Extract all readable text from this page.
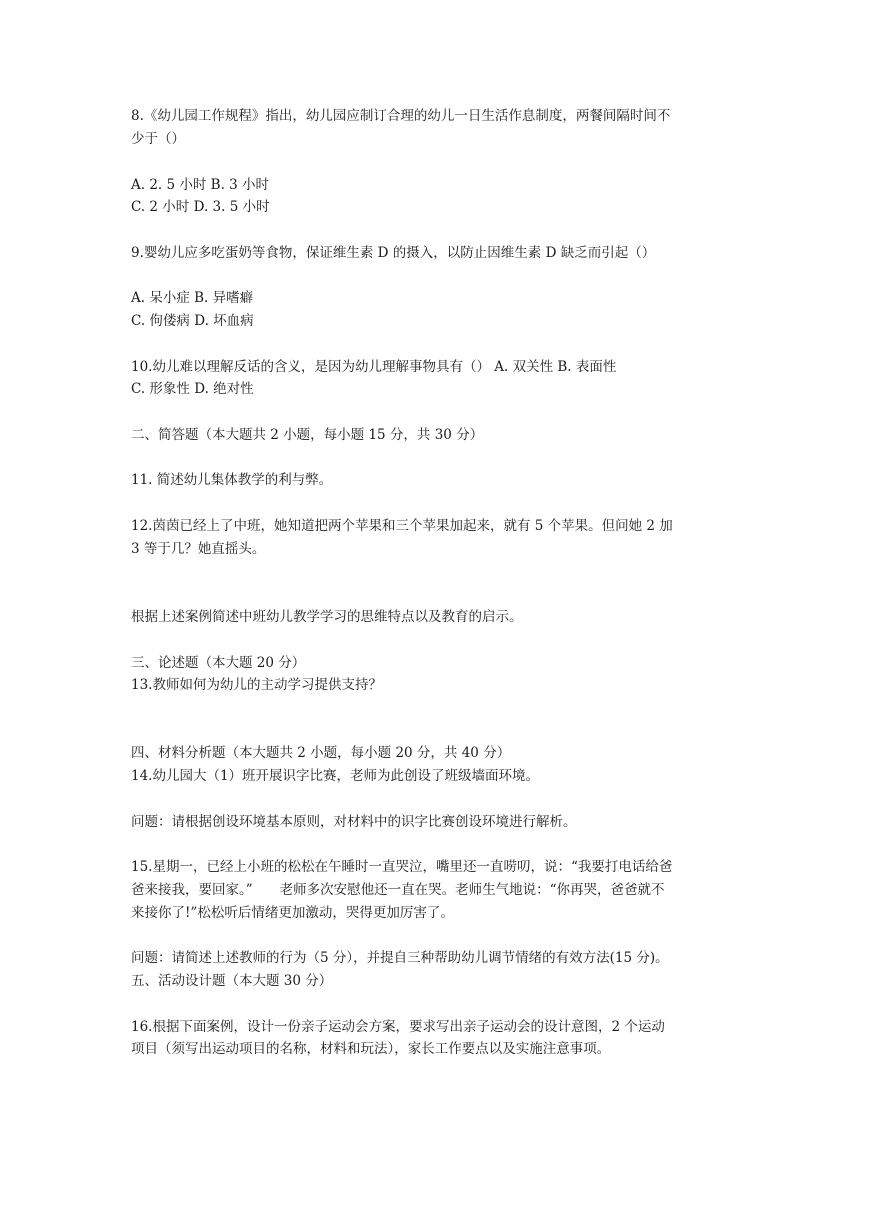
8.《幼儿园工作规程》指出，幼儿园应制订合理的幼儿一日生活作息制度，两餐间隔时间不
少于（）
A. 2. 5 小时 B. 3 小时
C. 2 小时 D. 3. 5 小时
9.婴幼儿应多吃蛋奶等食物，保证维生素 D 的摄入，以防止因维生素 D 缺乏而引起（）
A. 呆小症 B. 异嗜癖
C. 佝偻病 D. 坏血病
10.幼儿难以理解反话的含义，是因为幼儿理解事物具有（） A. 双关性 B. 表面性
C. 形象性 D. 绝对性
二、简答题（本大题共 2 小题，每小题 15 分，共 30 分）
11. 简述幼儿集体教学的利与弊。
12.茵茵已经上了中班，她知道把两个苹果和三个苹果加起来，就有 5 个苹果。但问她 2 加
3 等于几？她直摇头。
根据上述案例简述中班幼儿教学学习的思维特点以及教育的启示。
三、论述题（本大题 20 分）
13.教师如何为幼儿的主动学习提供支持？
四、材料分析题（本大题共 2 小题，每小题 20 分，共 40 分）
14.幼儿园大（1）班开展识字比赛，老师为此创设了班级墙面环境。
问题：请根据创设环境基本原则，对材料中的识字比赛创设环境进行解析。
15.星期一，已经上小班的松松在午睡时一直哭泣，嘴里还一直唠叨，说：“我要打电话给爸
爸来接我，要回家。”　　老师多次安慰他还一直在哭。老师生气地说：“你再哭，爸爸就不
来接你了!”松松听后情绪更加激动，哭得更加厉害了。
问题：请简述上述教师的行为（5 分），并提自三种帮助幼儿调节情绪的有效方法(15 分)。
五、活动设计题（本大题 30 分）
16.根据下面案例，设计一份亲子运动会方案，要求写出亲子运动会的设计意图，2 个运动
项目（须写出运动项目的名称，材料和玩法），家长工作要点以及实施注意事项。
